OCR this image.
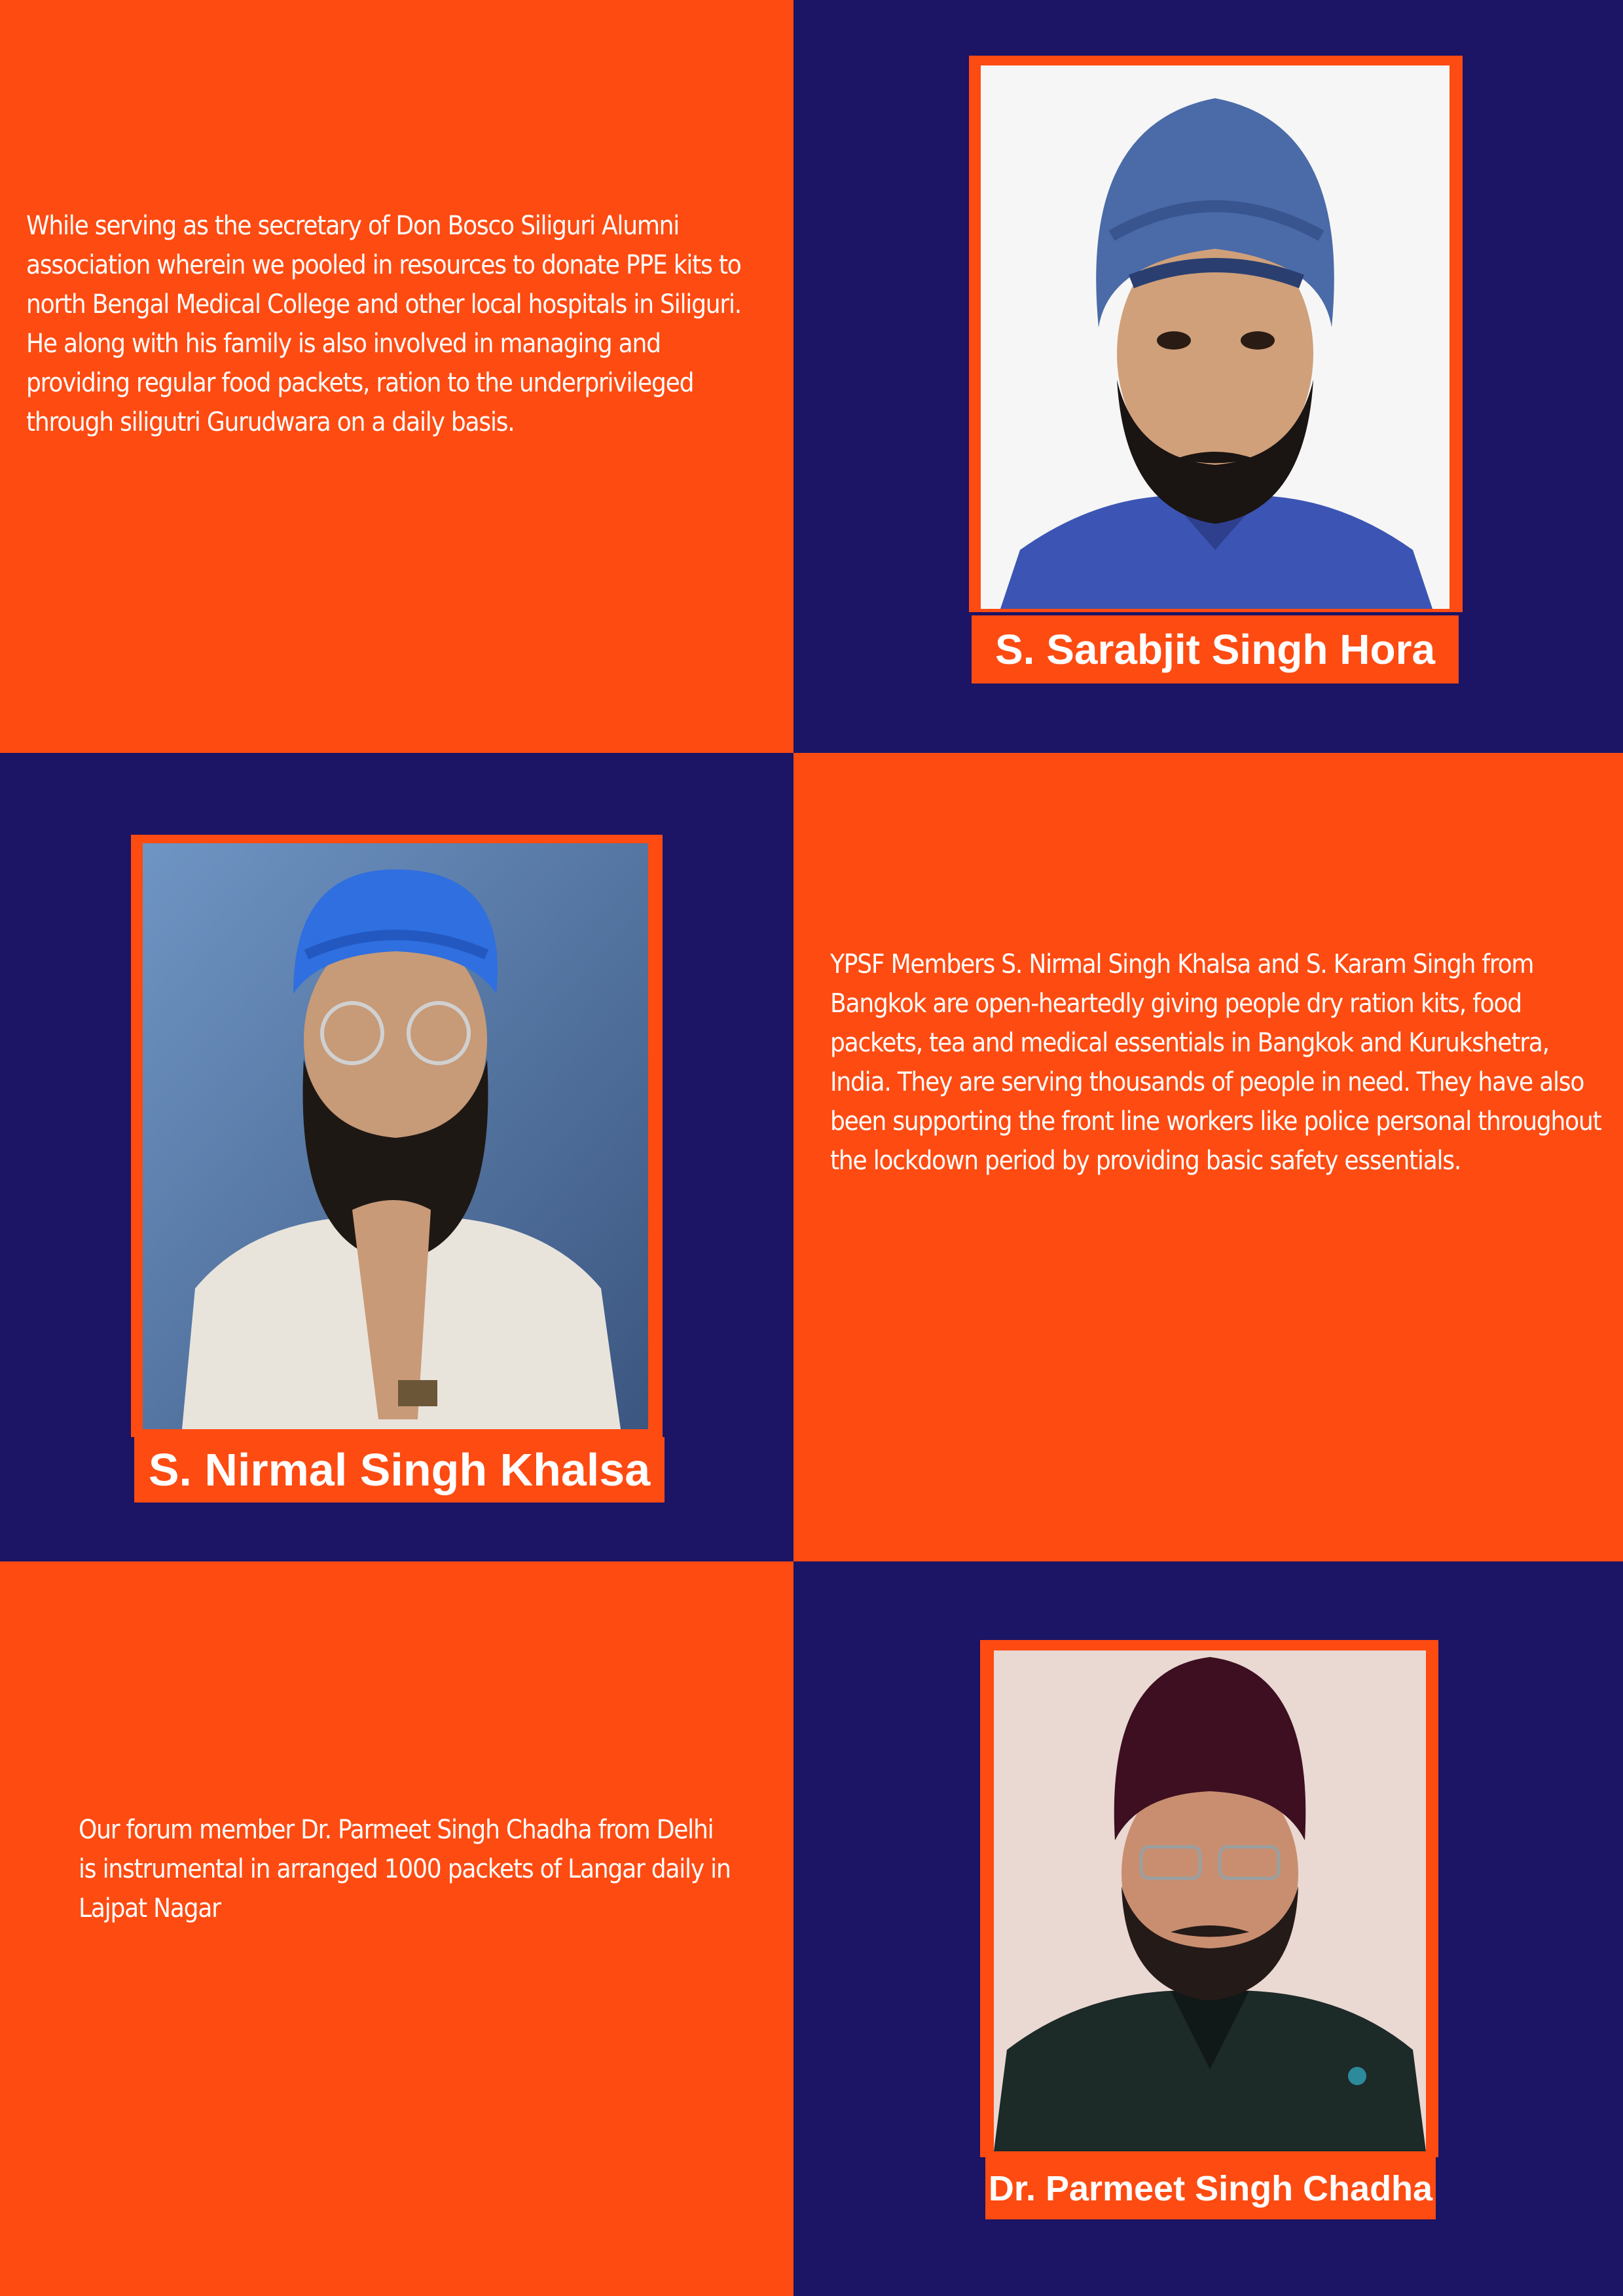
While serving as the secretary of Don Bosco Siliguri Alumni association wherein we pooled in resources to donate PPE kits to north Bengal Medical College and other local hospitals in Siliguri. He along with his family is also involved in managing and providing regular food packets, ration to the underprivileged through siligutri Gurudwara on a daily basis.

S. Sarabjit Singh Hora
S. Nirmal Singh Khalsa

YPSF Members S. Nirmal Singh Khalsa and S. Karam Singh from Bangkok are open-heartedly giving people dry ration kits, food packets, tea and medical essentials in Bangkok and Kurukshetra, India. They are serving thousands of people in need. They have also been supporting the front line workers like police personal throughout the lockdown period by providing basic safety essentials.

Our forum member Dr. Parmeet Singh Chadha from Delhi is instrumental in arranged 1000 packets of Langar daily in Lajpat Nagar

Dr. Parmeet Singh Chadha
